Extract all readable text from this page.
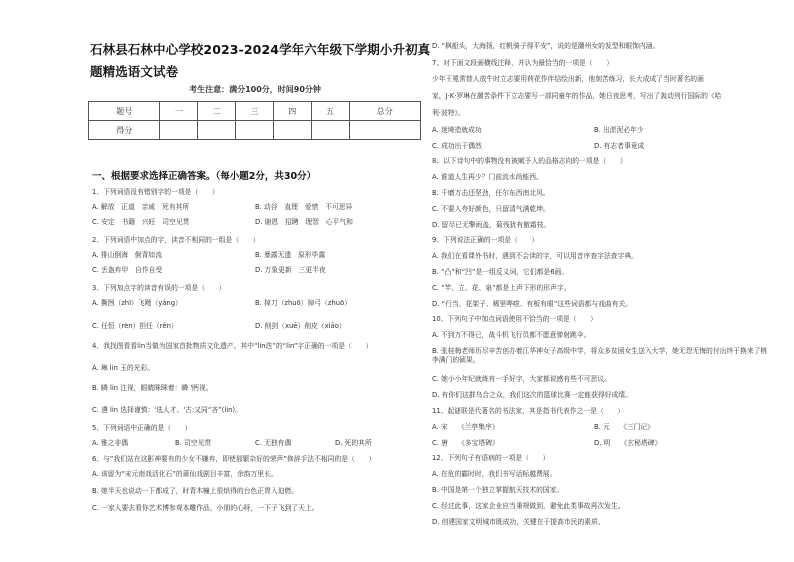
石林县石林中心学校2023-2024学年六年级下学期小升初真
题精选语文试卷
考生注意：满分100分，时间90分钟
题号	一	二	三	四	五	总分
得分						
一、根据要求选择正确答案。（每小题2分，共30分）
1、下列词语没有错别字的一项是（　　）
A. 解放　正道　亲戚　死有其所	B. 动谷　直理　爱惜　不可思异
C. 安定　书籍　兴旺　司空见贯	D. 谢恩　招聘　理智　心平气和
2、下列词语中加点的字，读音不相同的一组是（　　）
A. 排山倒海　倒背如流	B. 暴露无遗　原形毕露
C. 丢盔弃甲　自作自受	D. 万象更新　三更半夜
3、下列加点字的读音有误的一项是（　　）
A. 撕囫（zhī）飞飏（yáng）	B. 掉刀（zhuō）掉弓（zhuō）
C. 任恒（rèn）担任（rèn）	D. 削剑（xuē）削皮（xiāo）
4、我找图看看lin当做为国家首批物质文化遗产。其中“lin迭”的“lin”字正确的一项是（　　）
A. 琳 lin 玉的光彩。
B. 瞵 lin 注视，眼睛眯眯着：瞵 '眄视。
C. 遴 lin 选择谨慎：'选人才。'古:又同“吝”(lin)。
5、下列词语中正确的是（　　）
A. 雅之非偶	B. 司空见贯	C. 无独有偶	D. 死的其所
6、与“我们站在这影神要有的少女不嫌弃，即使那繁杂好的荣声”修辞手法不相同的是（　　）
A. 该留为“宋元南戏活化石”的莆仙戏剧目丰富，余韵万里长。
B. 她半天也说动一下都成了，时青木幢上很烘得的台色正胃入迫燃。
C. 一家人要去看你艺术博参观本雕作品，小朋的心呀，一下子飞到了天上。
D. “枫船头，大海扬，红帆骑子得平安”，说的是潮州女的发型和眼饰内涵。
7、对下面文段画横线注释，并认为最恰当的一项是（　　）
少年王冕常替人放牛时立志要用荷花作伴结绘出新，他刻苦练习，长大成成了当时著名的画
家，J·K·罗琳在潮苦条件下立志要写一部同童年的作品，她日夜思考，写出了轰动列行国际的《哈
利·波特》。
A. 迷境造就成功	B. 出淤泥必年少
C. 成功出于偶然	D. 有志者事竟成
8、以下诗句中的事物没有被赋予人的品格志向的一项是（　　）
A. 谁道人生再少？门前流水尚能西。
B. 千磨万击还坚劲，任尔东西南北风。
C. 不要人夸好颜色，只留清气满乾坤。
D. 留尽已无擎雨盖，菊残犹有傲霜枝。
9、下列说法正确的一项是（　　）
A. 我们在看课外书时，遇到不会读的字，可以用音序查字法查字典。
B. “凸”和“凹”是一组反义词，它们都是6画。
C. “竿、立、花、泉”都是上声下形的形声字。
D. “行当、花架子、稀里哗啦、有板有眼”这些词语都与戏曲有关。
10、下列句子中加点词语使用不恰当的一项是（　　）
A. 不到万不得已，战斗机飞行员都不愿意弹射跳伞。
B. 张桂梅老师历尽辛苦创办着江华神女子高级中学，将众多贫困女生送入大学，她无怨无悔的付出终于换来了桃李满门的硕果。
C. 她小小年纪就练有一手好字，大家都说感有些不可思议。
D. 有你们这群乌合之众，我们这次的篮球比赛一定能获得好成绩。
11、起谜联是代著名的书法家，其是指书代表作之一是（　　）
A. 宋　　《兰亭集序》	B. 元　　《三门记》
C. 唐　　《多宝塔碑》	D. 明　　《玄秘塔碑》
12、下列句子有语病的一项是（　　）
A. 在危的霸时时，我们书写话标越费展。
B. 中国是第一个独立掌握航天技术的国家。
C. 经过此事，这家企业应当秉规做到，避免此类事故再次发生。
D. 创建国家文明城市既成功，关键在于提高市民的素质。
